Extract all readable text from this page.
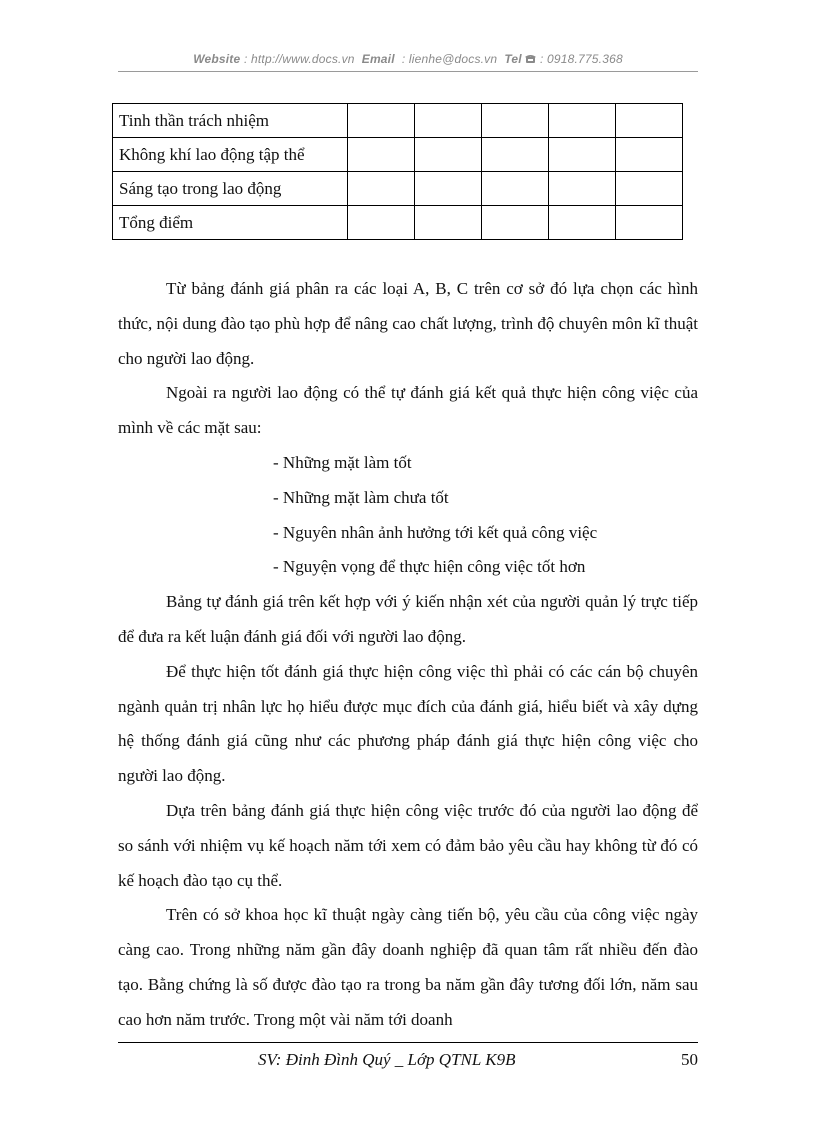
Website : http://www.docs.vn Email : lienhe@docs.vn Tel : 0918.775.368
Tinh thần trách nhiệm					
Không khí lao động tập thể					
Sáng tạo trong lao động					
Tổng điểm					

Từ bảng đánh giá phân ra các loại A, B, C trên cơ sở đó lựa chọn các hình thức, nội dung đào tạo phù hợp để nâng cao chất lượng, trình độ chuyên môn kĩ thuật cho người lao động.

Ngoài ra người lao động có thể tự đánh giá kết quả thực hiện công việc của mình về các mặt sau:

- Những mặt làm tốt
- Những mặt làm chưa tốt
- Nguyên nhân ảnh hưởng tới kết quả công việc
- Nguyện vọng để thực hiện công việc tốt hơn

Bảng tự đánh giá trên kết hợp với ý kiến nhận xét của người quản lý trực tiếp để đưa ra kết luận đánh giá đối với người lao động.

Để thực hiện tốt đánh giá thực hiện công việc thì phải có các cán bộ chuyên ngành quản trị nhân lực họ hiểu được mục đích của đánh giá, hiểu biết và xây dựng hệ thống đánh giá cũng như các phương pháp đánh giá thực hiện công việc cho người lao động.

Dựa trên bảng đánh giá thực hiện công việc trước đó của người lao động để so sánh với nhiệm vụ kế hoạch năm tới xem có đảm bảo yêu cầu hay không từ đó có kế hoạch đào tạo cụ thể.

Trên có sở khoa học kĩ thuật ngày càng tiến bộ, yêu cầu của công việc ngày càng cao. Trong những năm gần đây doanh nghiệp đã quan tâm rất nhiều đến đào tạo. Bằng chứng là số được đào tạo ra trong ba năm gần đây tương đối lớn, năm sau cao hơn năm trước. Trong một vài năm tới doanh

SV: Đinh Đình Quý _ Lớp QTNL K9B	50
